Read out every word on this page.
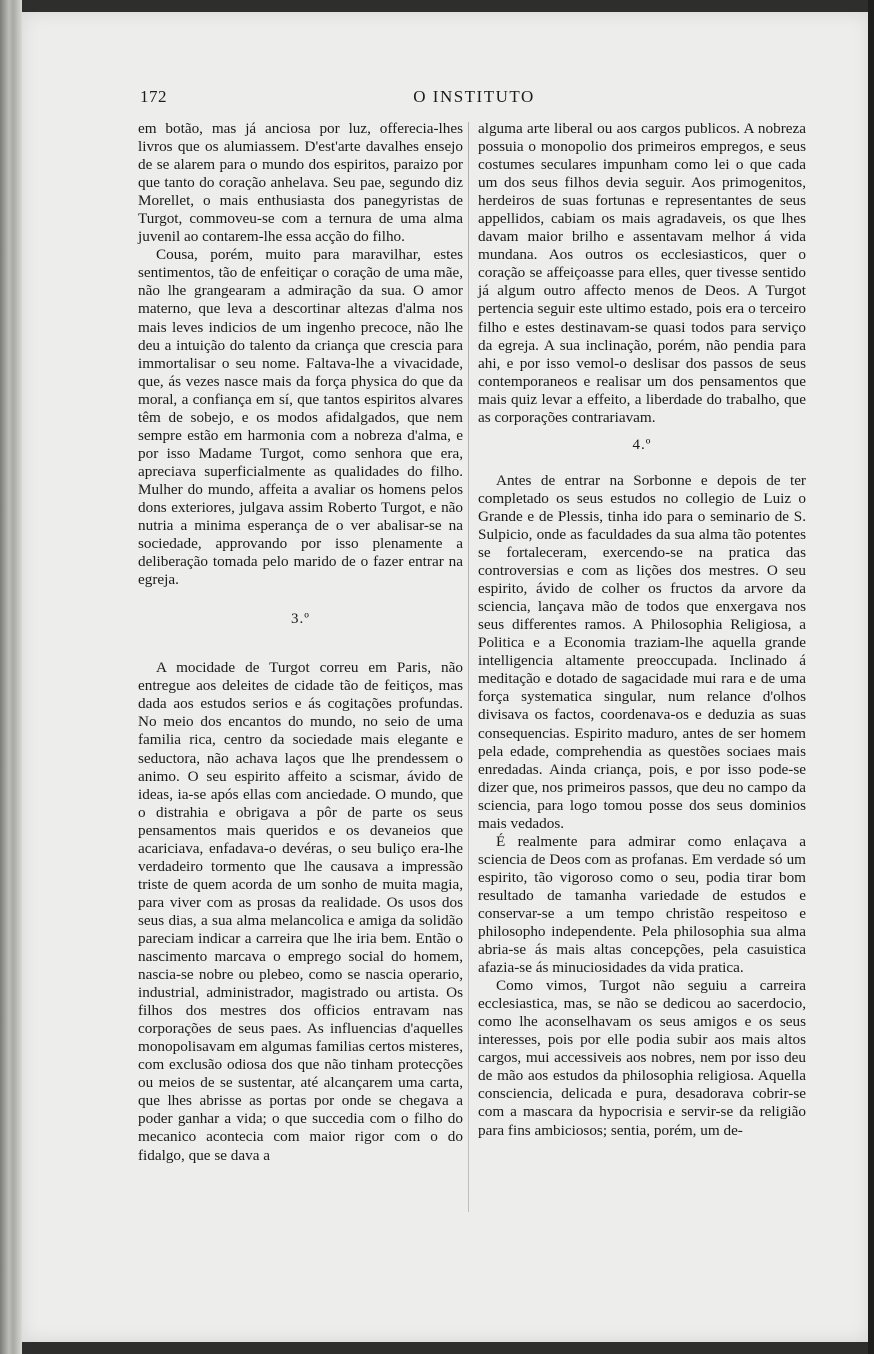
172	O INSTITUTO

em botão, mas já anciosa por luz, offerecia-lhes livros que os alumiassem. D'est'arte davalhes ensejo de se alarem para o mundo dos espiritos, paraizo por que tanto do coração anhelava. Seu pae, segundo diz Morellet, o mais enthusiasta dos panegyristas de Turgot, commoveu-se com a ternura de uma alma juvenil ao contarem-lhe essa acção do filho.

Cousa, porém, muito para maravilhar, estes sentimentos, tão de enfeitiçar o coração de uma mãe, não lhe grangearam a admiração da sua. O amor materno, que leva a descortinar altezas d'alma nos mais leves indicios de um ingenho precoce, não lhe deu a intuição do talento da criança que crescia para immortalisar o seu nome. Faltava-lhe a vivacidade, que, ás vezes nasce mais da força physica do que da moral, a confiança em sí, que tantos espiritos alvares têm de sobejo, e os modos afidalgados, que nem sempre estão em harmonia com a nobreza d'alma, e por isso Madame Turgot, como senhora que era, apreciava superficialmente as qualidades do filho. Mulher do mundo, affeita a avaliar os homens pelos dons exteriores, julgava assim Roberto Turgot, e não nutria a minima esperança de o ver abalisar-se na sociedade, approvando por isso plenamente a deliberação tomada pelo marido de o fazer entrar na egreja.

3.º

A mocidade de Turgot correu em Paris, não entregue aos deleites de cidade tão de feitiços, mas dada aos estudos serios e ás cogitações profundas. No meio dos encantos do mundo, no seio de uma familia rica, centro da sociedade mais elegante e seductora, não achava laços que lhe prendessem o animo. O seu espirito affeito a scismar, ávido de ideas, ia-se após ellas com anciedade. O mundo, que o distrahia e obrigava a pôr de parte os seus pensamentos mais queridos e os devaneios que acariciava, enfadava-o devéras, o seu buliço era-lhe verdadeiro tormento que lhe causava a impressão triste de quem acorda de um sonho de muita magia, para viver com as prosas da realidade. Os usos dos seus dias, a sua alma melancolica e amiga da solidão pareciam indicar a carreira que lhe iria bem. Então o nascimento marcava o emprego social do homem, nascia-se nobre ou plebeo, como se nascia operario, industrial, administrador, magistrado ou artista. Os filhos dos mestres dos officios entravam nas corporações de seus paes. As influencias d'aquelles monopolisavam em algumas familias certos misteres, com exclusão odiosa dos que não tinham protecções ou meios de se sustentar, até alcançarem uma carta, que lhes abrisse as portas por onde se chegava a poder ganhar a vida; o que succedia com o filho do mecanico acontecia com maior rigor com o do fidalgo, que se dava a

alguma arte liberal ou aos cargos publicos. A nobreza possuia o monopolio dos primeiros empregos, e seus costumes seculares impunham como lei o que cada um dos seus filhos devia seguir. Aos primogenitos, herdeiros de suas fortunas e representantes de seus appellidos, cabiam os mais agradaveis, os que lhes davam maior brilho e assentavam melhor á vida mundana. Aos outros os ecclesiasticos, quer o coração se affeiçoasse para elles, quer tivesse sentido já algum outro affecto menos de Deos. A Turgot pertencia seguir este ultimo estado, pois era o terceiro filho e estes destinavam-se quasi todos para serviço da egreja. A sua inclinação, porém, não pendia para ahi, e por isso vemol-o deslisar dos passos de seus contemporaneos e realisar um dos pensamentos que mais quiz levar a effeito, a liberdade do trabalho, que as corporações contrariavam.

4.º

Antes de entrar na Sorbonne e depois de ter completado os seus estudos no collegio de Luiz o Grande e de Plessis, tinha ido para o seminario de S. Sulpicio, onde as faculdades da sua alma tão potentes se fortaleceram, exercendo-se na pratica das controversias e com as lições dos mestres. O seu espirito, ávido de colher os fructos da arvore da sciencia, lançava mão de todos que enxergava nos seus differentes ramos. A Philosophia Religiosa, a Politica e a Economia traziam-lhe aquella grande intelligencia altamente preoccupada. Inclinado á meditação e dotado de sagacidade mui rara e de uma força systematica singular, num relance d'olhos divisava os factos, coordenava-os e deduzia as suas consequencias. Espirito maduro, antes de ser homem pela edade, comprehendia as questões sociaes mais enredadas. Ainda criança, pois, e por isso pode-se dizer que, nos primeiros passos, que deu no campo da sciencia, para logo tomou posse dos seus dominios mais vedados.

É realmente para admirar como enlaçava a sciencia de Deos com as profanas. Em verdade só um espirito, tão vigoroso como o seu, podia tirar bom resultado de tamanha variedade de estudos e conservar-se a um tempo christão respeitoso e philosopho independente. Pela philosophia sua alma abria-se ás mais altas concepções, pela casuistica afazia-se ás minuciosidades da vida pratica.

Como vimos, Turgot não seguiu a carreira ecclesiastica, mas, se não se dedicou ao sacerdocio, como lhe aconselhavam os seus amigos e os seus interesses, pois por elle podia subir aos mais altos cargos, mui accessiveis aos nobres, nem por isso deu de mão aos estudos da philosophia religiosa. Aquella consciencia, delicada e pura, desadorava cobrir-se com a mascara da hypocrisia e servir-se da religião para fins ambiciosos; sentia, porém, um de-
